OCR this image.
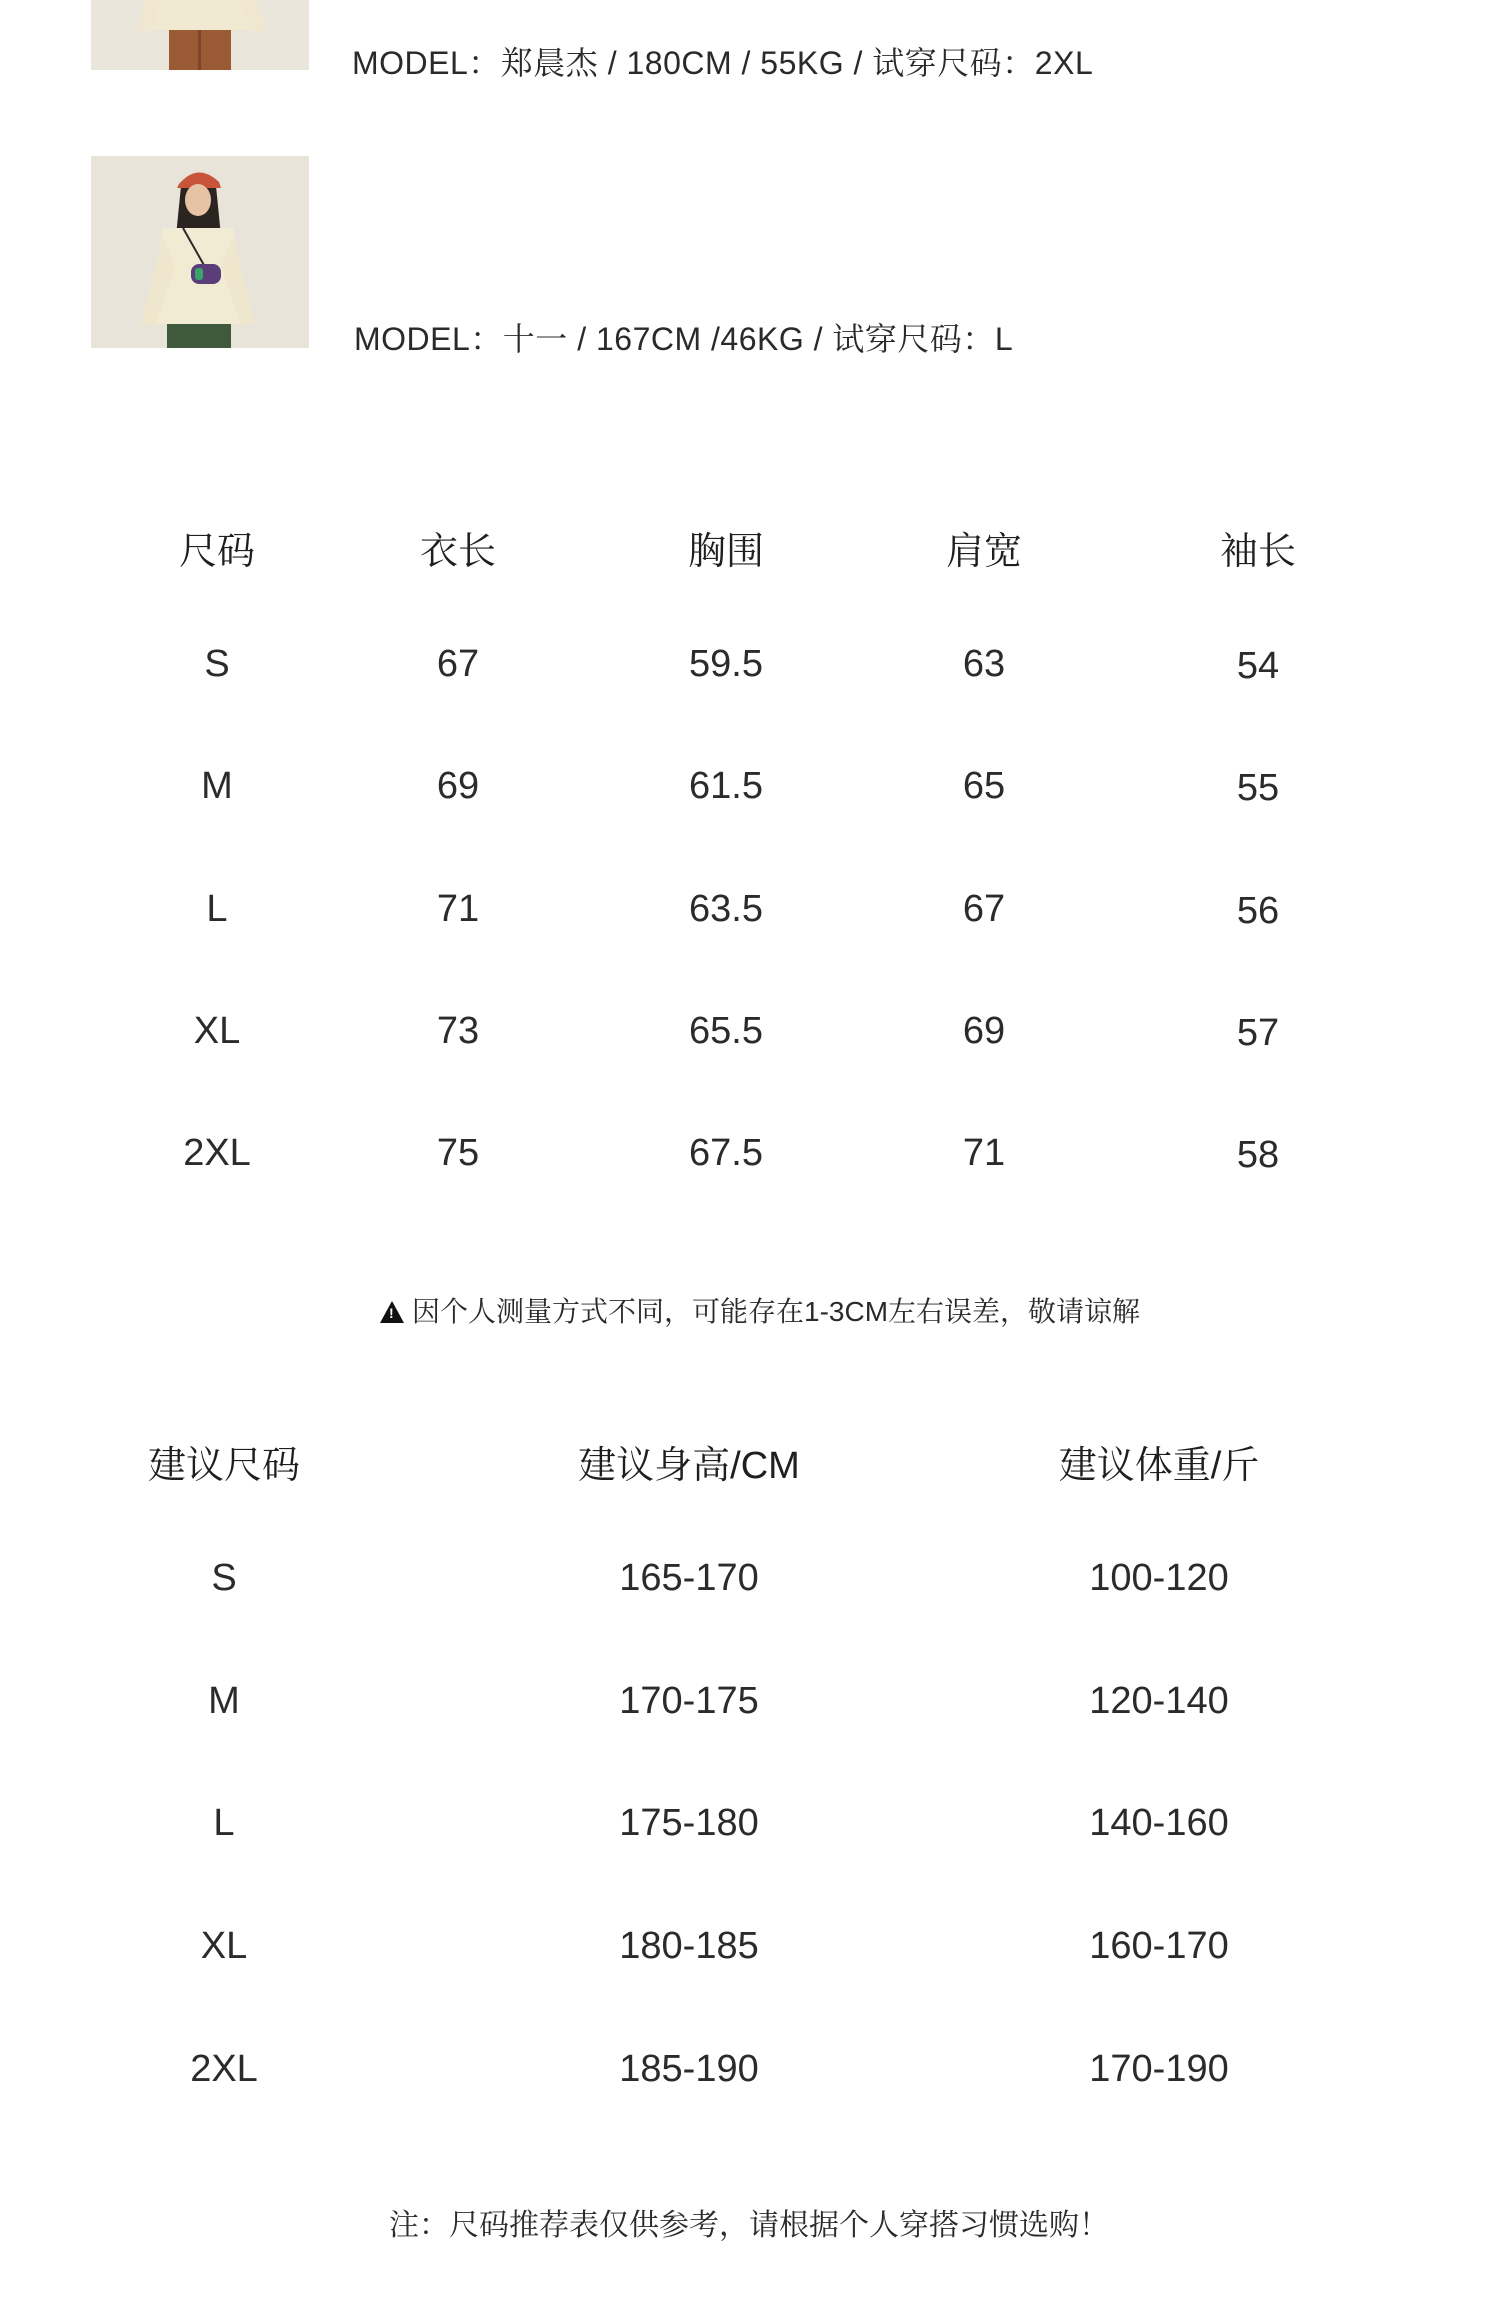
MODEL：郑晨杰 / 180CM / 55KG / 试穿尺码：2XL
MODEL：十一 / 167CM /46KG / 试穿尺码：L
尺码	衣长	胸围	肩宽	袖长
S	67	59.5	63	54
M	69	61.5	65	55
L	71	63.5	67	56
XL	73	65.5	69	57
2XL	75	67.5	71	58
!因个人测量方式不同，可能存在1-3CM左右误差，敬请谅解
建议尺码	建议身高/CM	建议体重/斤
S	165-170	100-120
M	170-175	120-140
L	175-180	140-160
XL	180-185	160-170
2XL	185-190	170-190
注：尺码推荐表仅供参考，请根据个人穿搭习惯选购！
